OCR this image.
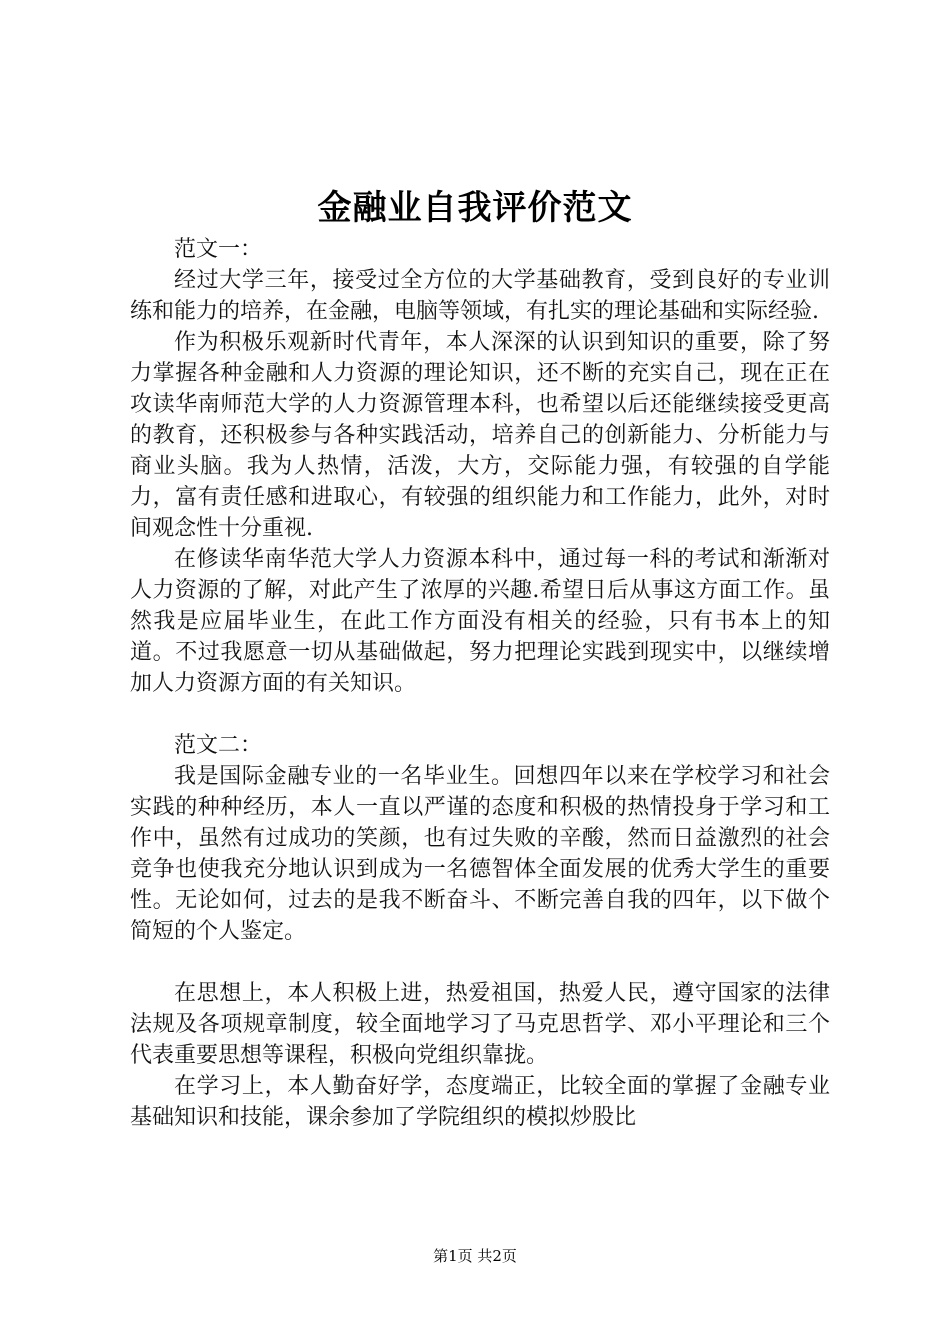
金融业自我评价范文

范文一：

经过大学三年，接受过全方位的大学基础教育，受到良好的专业训练和能力的培养，在金融，电脑等领域，有扎实的理论基础和实际经验.

作为积极乐观新时代青年，本人深深的认识到知识的重要，除了努力掌握各种金融和人力资源的理论知识，还不断的充实自己，现在正在攻读华南师范大学的人力资源管理本科，也希望以后还能继续接受更高的教育，还积极参与各种实践活动，培养自己的创新能力、分析能力与商业头脑。我为人热情，活泼，大方，交际能力强，有较强的自学能力，富有责任感和进取心，有较强的组织能力和工作能力，此外，对时间观念性十分重视.

在修读华南华范大学人力资源本科中，通过每一科的考试和渐渐对人力资源的了解，对此产生了浓厚的兴趣.希望日后从事这方面工作。虽然我是应届毕业生，在此工作方面没有相关的经验，只有书本上的知道。不过我愿意一切从基础做起，努力把理论实践到现实中，以继续增加人力资源方面的有关知识。

范文二：

我是国际金融专业的一名毕业生。回想四年以来在学校学习和社会实践的种种经历，本人一直以严谨的态度和积极的热情投身于学习和工作中，虽然有过成功的笑颜，也有过失败的辛酸，然而日益激烈的社会竞争也使我充分地认识到成为一名德智体全面发展的优秀大学生的重要性。无论如何，过去的是我不断奋斗、不断完善自我的四年，以下做个简短的个人鉴定。

在思想上，本人积极上进，热爱祖国，热爱人民，遵守国家的法律法规及各项规章制度，较全面地学习了马克思哲学、邓小平理论和三个代表重要思想等课程，积极向党组织靠拢。

在学习上，本人勤奋好学，态度端正，比较全面的掌握了金融专业基础知识和技能，课余参加了学院组织的模拟炒股比

第1页 共2页
